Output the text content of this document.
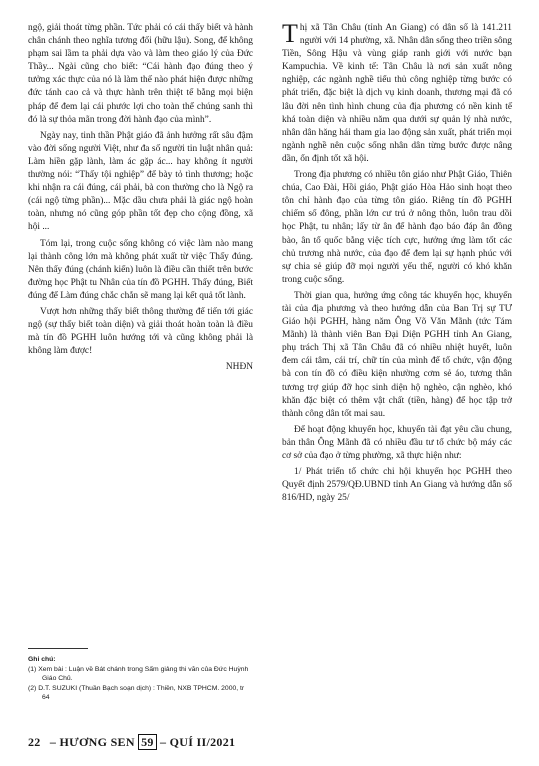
ngộ, giải thoát từng phần. Tức phải có cái thấy biết và hành chân chánh theo nghĩa tương đối (hữu lậu). Song, để không phạm sai lầm ta phải dựa vào và làm theo giáo lý của Đức Thầy... Ngài cũng cho biết: “Cái hành đạo đúng theo ý tưởng xác thực của nó là làm thế nào phát hiện được những đức tánh cao cả và thực hành trên thiệt tế bằng mọi biện pháp để đem lại cái phước lợi cho toàn thể chúng sanh thì đó là sự thỏa mãn trong đời hành đạo của mình”.

Ngày nay, tinh thần Phật giáo đã ảnh hưởng rất sâu đậm vào đời sống người Việt, như đa số người tin luật nhân quả: Làm hiền gặp lành, làm ác gặp ác... hay không ít người thường nói: “Thấy tội nghiệp” để bày tỏ tình thương; hoặc khi nhận ra cái đúng, cái phải, bà con thường cho là Ngộ ra (cái ngộ từng phần)... Mặc dầu chưa phải là giác ngộ hoàn toàn, nhưng nó cũng góp phần tốt đẹp cho cộng đồng, xã hội ...

Tóm lại, trong cuộc sống không có việc làm nào mang lại thành công lớn mà không phát xuất từ việc Thấy đúng. Nên thấy đúng (chánh kiến) luôn là điều cần thiết trên bước đường học Phật tu Nhân của tín đồ PGHH. Thấy đúng, Biết đúng để Làm đúng chắc chắn sẽ mang lại kết quả tốt lành.

Vượt hơn những thấy biết thông thường để tiến tới giác ngộ (sự thấy biết toàn diện) và giải thoát hoàn toàn là điều mà tín đồ PGHH luôn hướng tới và cũng không phải là không làm được!

NHĐN

Ghi chú:
(1) Xem bài : Luận về Bát chánh trong Sấm giảng thi văn của Đức Huỳnh Giáo Chủ.
(2) D.T. SUZUKI (Thuần Bạch soạn dịch) : Thiền, NXB TPHCM. 2000, tr 64

Thị xã Tân Châu (tỉnh An Giang) có dân số là 141.211 người với 14 phường, xã. Nhân dân sống theo triền sông Tiền, Sông Hậu và vùng giáp ranh giới với nước bạn Kampuchia. Về kinh tế: Tân Châu là nơi sản xuất nông nghiệp, các ngành nghề tiểu thủ công nghiệp từng bước có phát triển, đặc biệt là dịch vụ kinh doanh, thương mại đã có lâu đời nên tình hình chung của địa phương có nền kinh tế khá toàn diện và nhiều năm qua dưới sự quản lý nhà nước, nhân dân hăng hái tham gia lao động sản xuất, phát triển mọi ngành nghề nên cuộc sống nhân dân từng bước được nâng dần, ổn định tốt xã hội.

Trong địa phương có nhiều tôn giáo như Phật Giáo, Thiên chúa, Cao Đài, Hồi giáo, Phật giáo Hòa Hảo sinh hoạt theo tôn chỉ hành đạo của từng tôn giáo. Riêng tín đồ PGHH chiếm số đông, phần lớn cư trú ở nông thôn, luôn trau dồi học Phật, tu nhân; lấy từ ân để hành đạo báo đáp ân đồng bào, ân tổ quốc bằng việc tích cực, hưởng ứng làm tốt các chủ trương nhà nước, của đạo để đem lại sự hạnh phúc với sự chia sẻ giúp đỡ mọi người yếu thế, người có khó khăn trong cuộc sống.

Thời gian qua, hưởng ứng công tác khuyến học, khuyến tài của địa phương và theo hướng dẫn của Ban Trị sự TƯ Giáo hội PGHH, hàng năm Ông Võ Văn Mãnh (tức Tám Mãnh) là thành viên Ban Đại Diện PGHH tỉnh An Giang, phụ trách Thị xã Tân Châu đã có nhiều nhiệt huyết, luôn đem cái tâm, cái trí, chữ tín của mình để tổ chức, vận động bà con tín đồ có điều kiện nhường cơm sẻ áo, tương thân tương trợ giúp đỡ học sinh diện hộ nghèo, cận nghèo, khó khăn đặc biệt có thêm vật chất (tiền, hàng) để học tập trở thành công dân tốt mai sau.

Để hoạt động khuyến học, khuyến tài đạt yêu cầu chung, bản thân Ông Mãnh đã có nhiều đầu tư tổ chức bộ máy các cơ sở của đạo ở từng phường, xã thực hiện như:

1/ Phát triển tổ chức chi hội khuyến học PGHH theo Quyết định 2579/QĐ.UBND tỉnh An Giang và hướng dẫn số 816/HD, ngày 25/

22 – HƯƠNG SEN 59 – QUÍ II/2021
